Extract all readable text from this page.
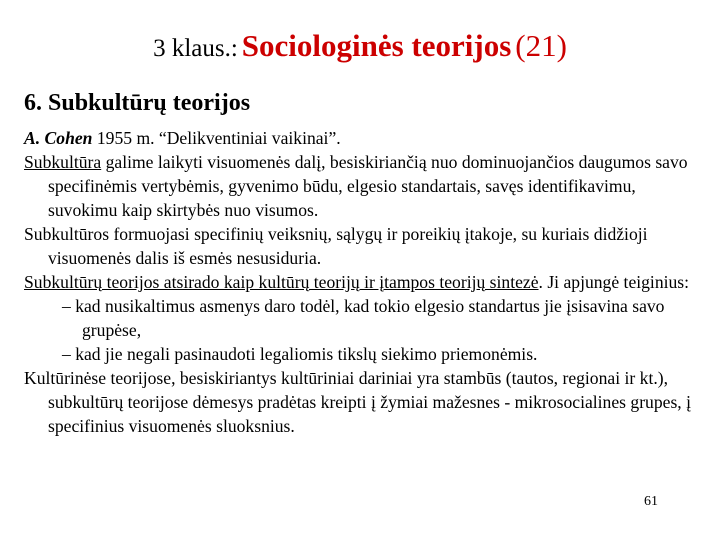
3 klaus.: Sociologinės teorijos (21)
6. Subkultūrų teorijos

A. Cohen 1955 m. “Delikventiniai vaikinai”.

Subkultūra galime laikyti visuomenės dalį, besiskiriančią nuo dominuojančios daugumos savo specifinėmis vertybėmis, gyvenimo būdu, elgesio standartais, savęs identifikavimu, suvokimu kaip skirtybės nuo visumos.

Subkultūros formuojasi specifinių veiksnių, sąlygų ir poreikių įtakoje, su kuriais didžioji visuomenės dalis iš esmės nesusiduria.

Subkultūrų teorijos atsirado kaip kultūrų teorijų ir įtampos teorijų sintezė. Ji apjungė teiginius:

– kad nusikaltimus asmenys daro todėl, kad tokio elgesio standartus jie įsisavina savo grupėse,

– kad jie negali pasinaudoti legaliomis tikslų siekimo priemonėmis.

Kultūrinėse teorijose, besiskiriantys kultūriniai dariniai yra stambūs (tautos, regionai ir kt.), subkultūrų teorijose dėmesys pradėtas kreipti į žymiai mažesnes - mikrosocialines grupes, į specifinius visuomenės sluoksnius.

61
